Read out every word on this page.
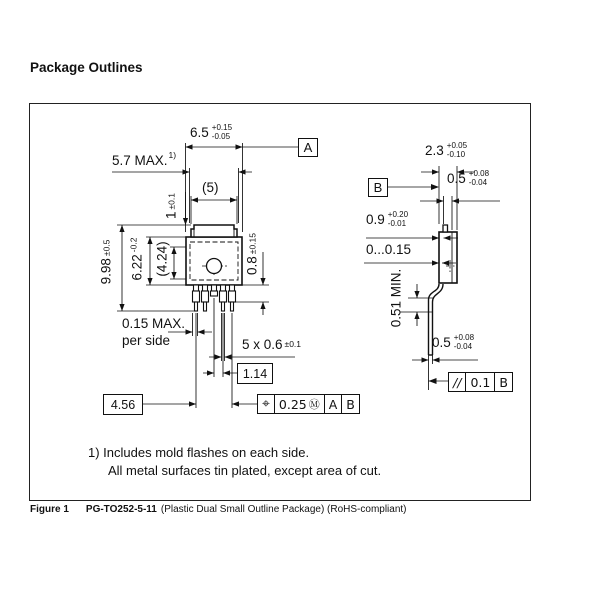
Package Outlines
6.5 +0.15
-0.05
5.7 MAX.$^{1)}$
(5)
1
±0.1
9.98
±0.5
6.22
-0.2 (4.24)	0.8
±0.15
0.15 MAX.
per side	5 x 0.6 ±0.1
1.14
4.56
A
⌖ 0.25 Ⓜ A B
2.3 +0.05
-0.10
B
0.5 +0.08
-0.04
0.9 +0.20
-0.01
0...0.15
0.51 MIN.
0.5 +0.08
-0.04
// 0.1 B
1) Includes mold flashes on each side.
All metal surfaces tin plated, except area of cut.
Figure 1 PG-TO252-5-11 (Plastic Dual Small Outline Package) (RoHS-compliant)
